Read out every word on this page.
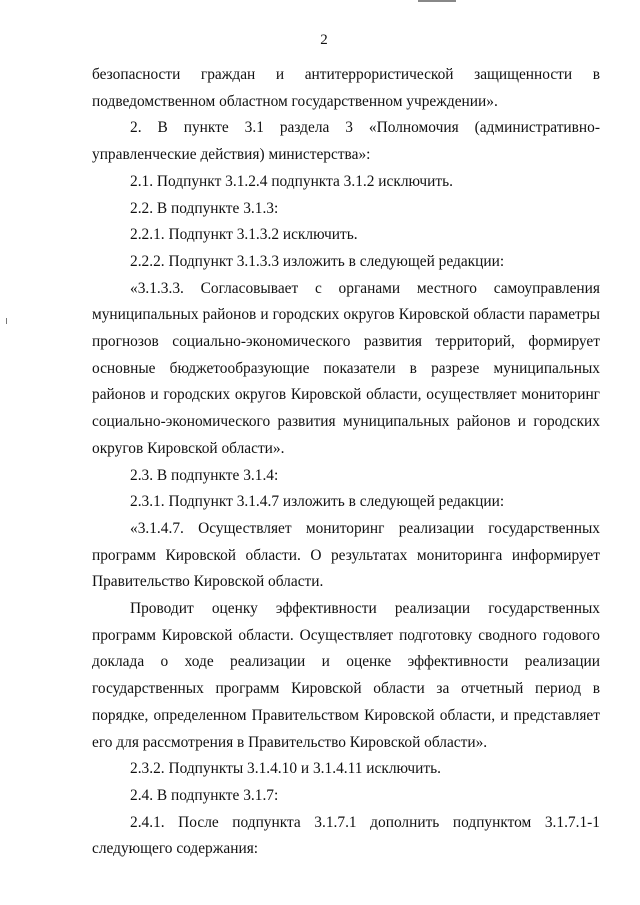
2

безопасности граждан и антитеррористической защищенности в подведомственном областном государственном учреждении».

2. В пункте 3.1 раздела 3 «Полномочия (административно-управленческие действия) министерства»:

2.1. Подпункт 3.1.2.4 подпункта 3.1.2 исключить.

2.2. В подпункте 3.1.3:

2.2.1. Подпункт 3.1.3.2 исключить.

2.2.2. Подпункт 3.1.3.3 изложить в следующей редакции:

«3.1.3.3. Согласовывает с органами местного самоуправления муниципальных районов и городских округов Кировской области параметры прогнозов социально-экономического развития территорий, формирует основные бюджетообразующие показатели в разрезе муниципальных районов и городских округов Кировской области, осуществляет мониторинг социально-экономического развития муниципальных районов и городских округов Кировской области».

2.3. В подпункте 3.1.4:

2.3.1. Подпункт 3.1.4.7 изложить в следующей редакции:

«3.1.4.7. Осуществляет мониторинг реализации государственных программ Кировской области. О результатах мониторинга информирует Правительство Кировской области.

Проводит оценку эффективности реализации государственных программ Кировской области. Осуществляет подготовку сводного годового доклада о ходе реализации и оценке эффективности реализации государственных программ Кировской области за отчетный период в порядке, определенном Правительством Кировской области, и представляет его для рассмотрения в Правительство Кировской области».

2.3.2. Подпункты 3.1.4.10 и 3.1.4.11 исключить.

2.4. В подпункте 3.1.7:

2.4.1. После подпункта 3.1.7.1 дополнить подпунктом 3.1.7.1-1 следующего содержания:
